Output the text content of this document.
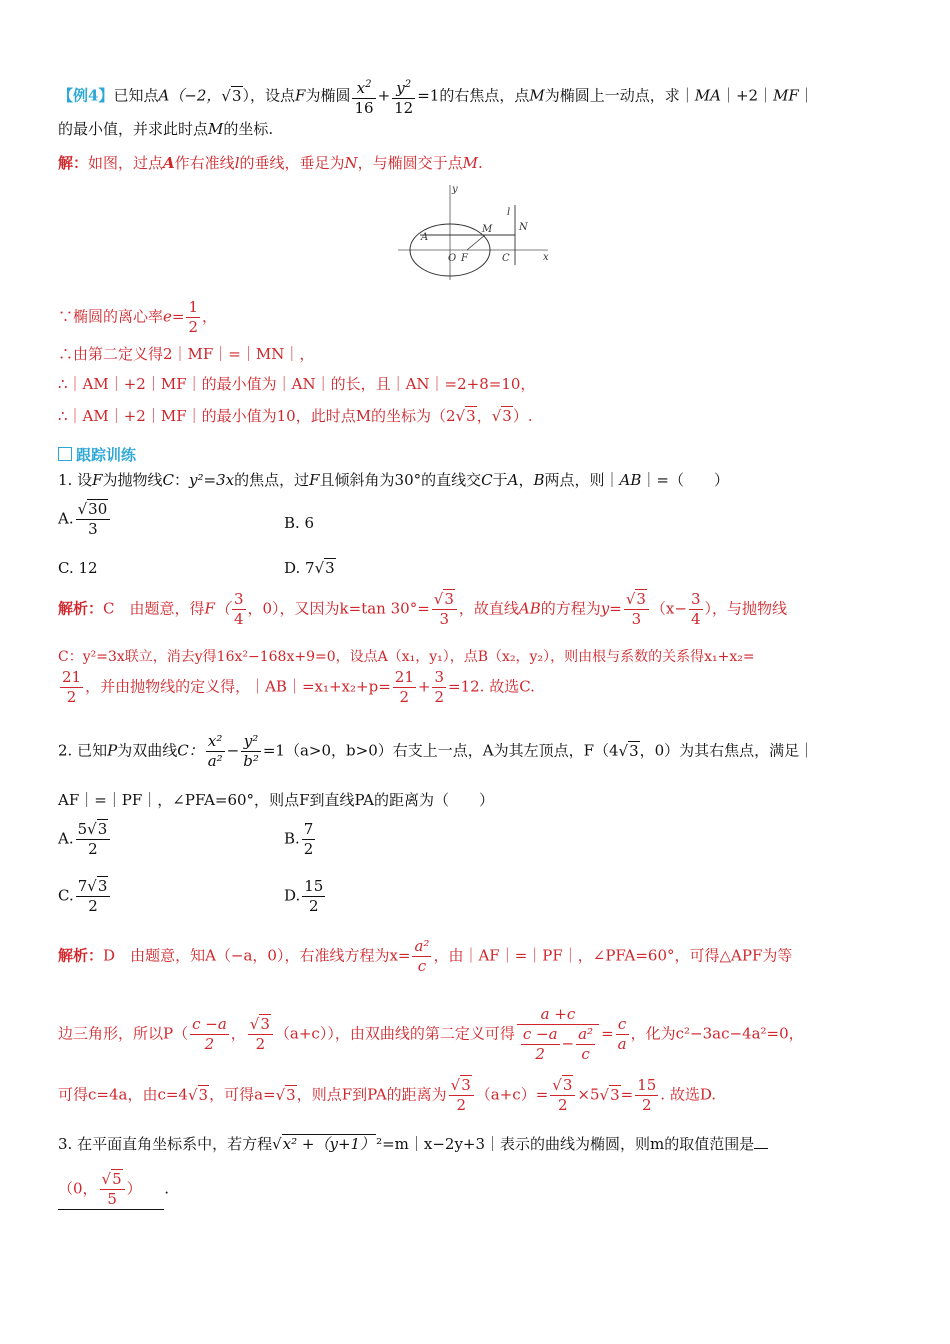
【例4】已知点A（−2，√3），设点F为椭圆 $\frac{x^2}{16} + \frac{y^2}{12} =1$的右焦点，点M为椭圆上一动点，求｜MA｜+2｜MF｜
的最小值，并求此时点M的坐标.
解：如图，过点A作右准线l的垂线，垂足为N，与椭圆交于点M.
A
M	N
l
y
x
O F	C
∵椭圆的离心率$e= \frac{1}{2}$ ，
∴由第二定义得2｜MF｜=｜MN｜，
∴｜AM｜+2｜MF｜的最小值为｜AN｜的长，且｜AN｜=2+8=10，
∴｜AM｜+2｜MF｜的最小值为10，此时点M的坐标为（2√3，√3）.
跟踪训练
1. 设F为抛物线C：y²=3x的焦点，过F且倾斜角为30°的直线交C于A，B两点，则｜AB｜=（　　）
A. $\frac{√30}{3}$	B. 6
C. 12	D. 7√3
解析：C　 由题意，得$F( \frac{3}{4}$ ，0），又因为k=tan $30^\circ= \frac{√3}{3}$ ，故直线AB的方程为$y= \frac{√3}{3} (x- \frac{3}{4}$ ），与抛物线
C：y²=3x联立，消去y得16x²−168x+9=0，设点A（x₁，y₁），点B（x₂，y₂），则由根与系数的关系得x₁+x₂=
$\frac{21}{2}$ ，并由抛物线的定义得，｜AB｜=x₁+x₂+p= $\frac{21}{2} + \frac{3}{2} =12$. 故选C.
2. 已知P为双曲线C： $\frac{\text{x²}}{\text{a²}} - \frac{\text{y²}}{\text{b²}} =1(a>0$，b>0）右支上一点，A为其左顶点，F（4√3，0）为其右焦点，满足｜
AF｜=｜PF｜，∠PFA=60°，则点F到直线PA的距离为（　　）
A. $\frac{5√3}{2}$	B. $\frac{7}{2}$
C. $\frac{7√3}{2}$	D. $\frac{15}{2}$
解析：D　 由题意，知A（−a，0），右准线方程为$x= \frac{\text{a²}}{c}$ ，由｜AF｜=｜PF｜，∠PFA=60°，可得△APF为等
边三角形，所以$P( \frac{c -a}{2}$ ， $\frac{√3}{2} (a+c)$），由双曲线的第二定义可得 $\frac{a +c}{\frac{c -a}{2} - \frac{\text{a²}}{c}} = \frac{c}{a}$ ，化为c²−3ac−4a²=0，
可得c=4a，由c=4√3，可得a=√3，则点F到PA的距离为 $\frac{√3}{2} (a+c)= \frac{√3}{2} \times 5√3= \frac{15}{2}$ . 故选D.
3. 在平面直角坐标系中，若方程√x² +（y+1）²=m｜x−2y+3｜表示的曲线为椭圆，则m的取值范围是
（0， $\frac{√5}{5}$ ）　　 .
